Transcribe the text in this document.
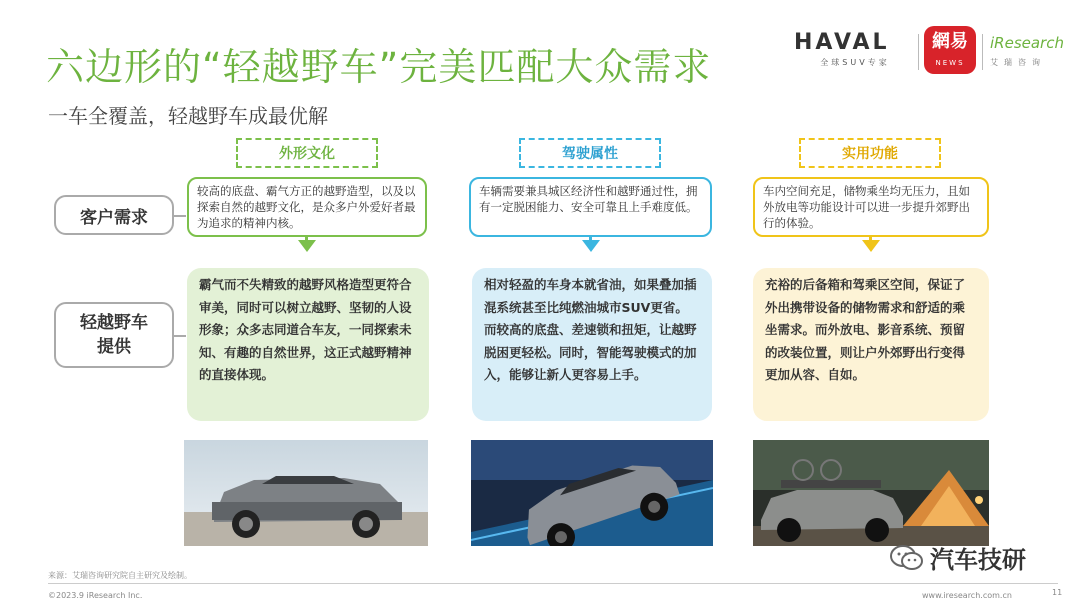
六边形的“轻越野车”完美匹配大众需求
一车全覆盖，轻越野车成最优解
HAVAL
全球SUV专家
網易
NEWS
iResearch
艾瑞咨询
客户需求
轻越野车提供
外形文化
较高的底盘、霸气方正的越野造型，以及以探索自然的越野文化，是众多户外爱好者最为追求的精神内核。
霸气而不失精致的越野风格造型更符合审美，同时可以树立越野、坚韧的人设形象；众多志同道合车友，一同探索未知、有趣的自然世界，这正式越野精神的直接体现。
驾驶属性
车辆需要兼具城区经济性和越野通过性，拥有一定脱困能力、安全可靠且上手难度低。
相对轻盈的车身本就省油，如果叠加插混系统甚至比纯燃油城市SUV更省。而较高的底盘、差速锁和扭矩，让越野脱困更轻松。同时，智能驾驶模式的加入，能够让新人更容易上手。
实用功能
车内空间充足，储物乘坐均无压力，且如外放电等功能设计可以进一步提升郊野出行的体验。
充裕的后备箱和驾乘区空间，保证了外出携带设备的储物需求和舒适的乘坐需求。而外放电、影音系统、预留的改装位置，则让户外郊野出行变得更加从容、自如。
来源：艾瑞咨询研究院自主研究及绘制。
©2023.9 iResearch Inc.	www.iresearch.com.cn	11
汽车技研
